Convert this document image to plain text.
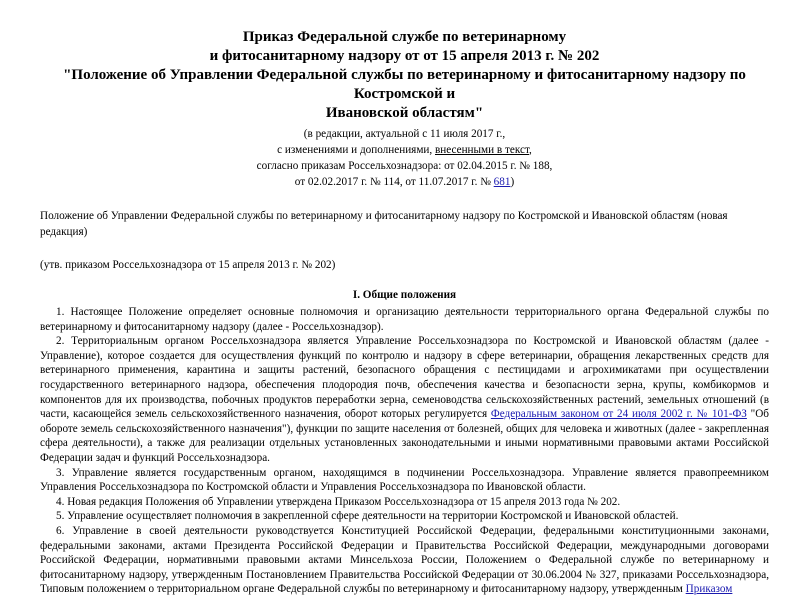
Приказ Федеральной службе по ветеринарному
и фитосанитарному надзору от от 15 апреля 2013 г. № 202
"Положение об Управлении Федеральной службы по ветеринарному и фитосанитарному надзору по Костромской и
Ивановской областям"
(в редакции, актуальной с 11 июля 2017 г.,
с изменениями и дополнениями, внесенными в текст,
согласно приказам Россельхознадзора: от 02.04.2015 г. № 188,
от 02.02.2017 г. № 114, от 11.07.2017 г. № 681)
Положение об Управлении Федеральной службы по ветеринарному и фитосанитарному надзору по Костромской и Ивановской областям (новая редакция)
(утв. приказом Россельхознадзора от 15 апреля 2013 г. № 202)
I. Общие положения

1. Настоящее Положение определяет основные полномочия и организацию деятельности территориального органа Федеральной службы по ветеринарному и фитосанитарному надзору (далее - Россельхознадзор).

2. Территориальным органом Россельхознадзора является Управление Россельхознадзора по Костромской и Ивановской областям (далее - Управление), которое создается для осуществления функций по контролю и надзору в сфере ветеринарии, обращения лекарственных средств для ветеринарного применения, карантина и защиты растений, безопасного обращения с пестицидами и агрохимикатами при осуществлении государственного ветеринарного надзора, обеспечения плодородия почв, обеспечения качества и безопасности зерна, крупы, комбикормов и компонентов для их производства, побочных продуктов переработки зерна, семеноводства сельскохозяйственных растений, земельных отношений (в части, касающейся земель сельскохозяйственного назначения, оборот которых регулируется Федеральным законом от 24 июля 2002 г. № 101-ФЗ "Об обороте земель сельскохозяйственного назначения"), функции по защите населения от болезней, общих для человека и животных (далее - закрепленная сфера деятельности), а также для реализации отдельных установленных законодательными и иными нормативными правовыми актами Российской Федерации задач и функций Россельхознадзора.

3. Управление является государственным органом, находящимся в подчинении Россельхознадзора. Управление является правопреемником Управления Россельхознадзора по Костромской области и Управления Россельхознадзора по Ивановской области.

4. Новая редакция Положения об Управлении утверждена Приказом Россельхознадзора от 15 апреля 2013 года № 202.

5. Управление осуществляет полномочия в закрепленной сфере деятельности на территории Костромской и Ивановской областей.

6. Управление в своей деятельности руководствуется Конституцией Российской Федерации, федеральными конституционными законами, федеральными законами, актами Президента Российской Федерации и Правительства Российской Федерации, международными договорами Российской Федерации, нормативными правовыми актами Минсельхоза России, Положением о Федеральной службе по ветеринарному и фитосанитарному надзору, утвержденным Постановлением Правительства Российской Федерации от 30.06.2004 № 327, приказами Россельхознадзора, Типовым положением о территориальном органе Федеральной службы по ветеринарному и фитосанитарному надзору, утвержденным Приказом
